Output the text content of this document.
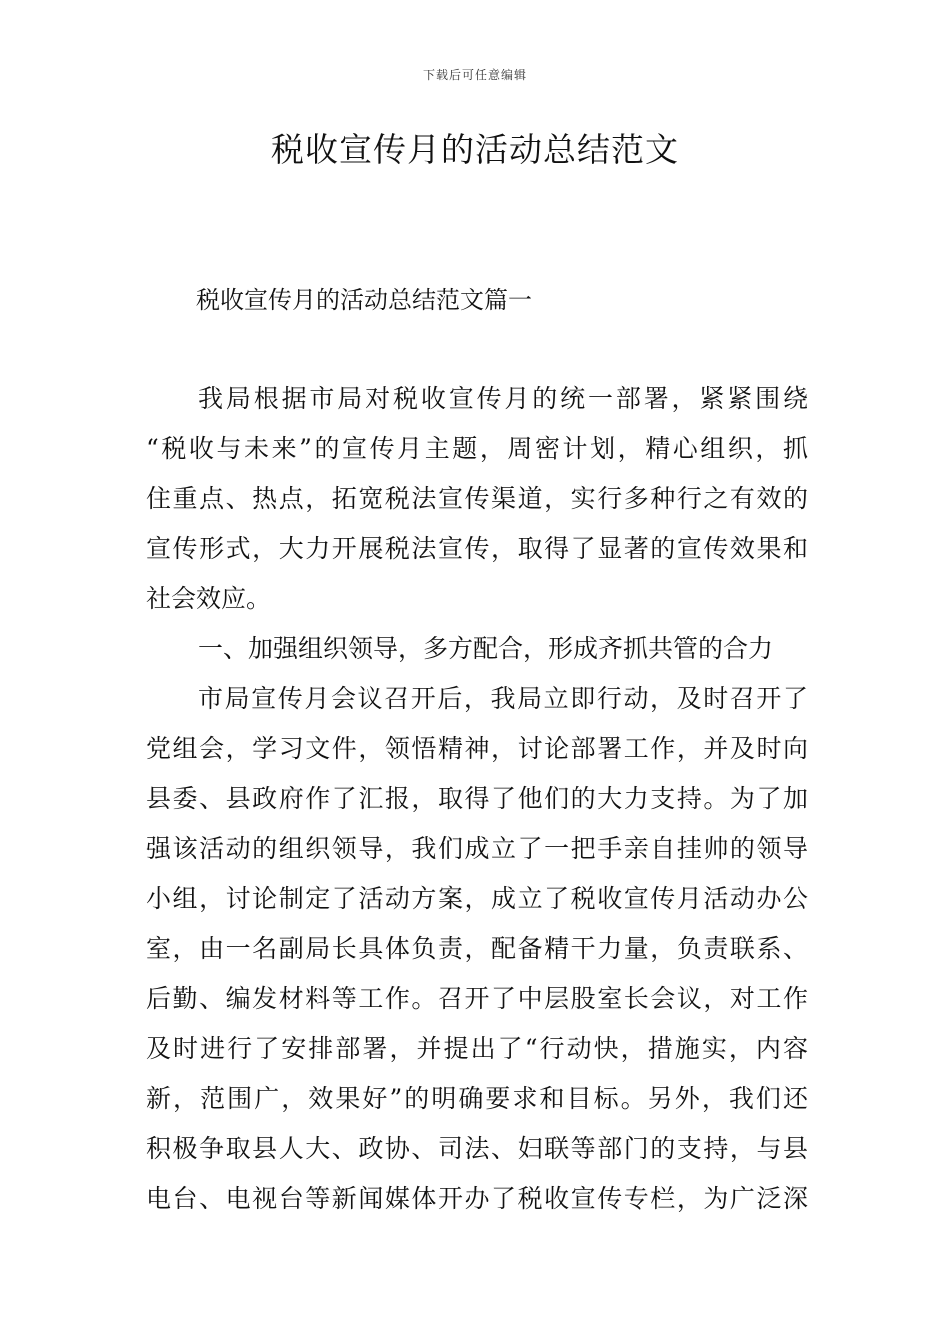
下载后可任意编辑
税收宣传月的活动总结范文
税收宣传月的活动总结范文篇一
我局根据市局对税收宣传月的统一部署，紧紧围绕
“税收与未来”的宣传月主题，周密计划，精心组织，抓
住重点、热点，拓宽税法宣传渠道，实行多种行之有效的
宣传形式，大力开展税法宣传，取得了显著的宣传效果和
社会效应。
一、加强组织领导，多方配合，形成齐抓共管的合力
市局宣传月会议召开后，我局立即行动，及时召开了
党组会，学习文件，领悟精神，讨论部署工作，并及时向
县委、县政府作了汇报，取得了他们的大力支持。为了加
强该活动的组织领导，我们成立了一把手亲自挂帅的领导
小组，讨论制定了活动方案，成立了税收宣传月活动办公
室，由一名副局长具体负责，配备精干力量，负责联系、
后勤、编发材料等工作。召开了中层股室长会议，对工作
及时进行了安排部署，并提出了“行动快，措施实，内容
新，范围广，效果好”的明确要求和目标。另外，我们还
积极争取县人大、政协、司法、妇联等部门的支持，与县
电台、电视台等新闻媒体开办了税收宣传专栏，为广泛深
